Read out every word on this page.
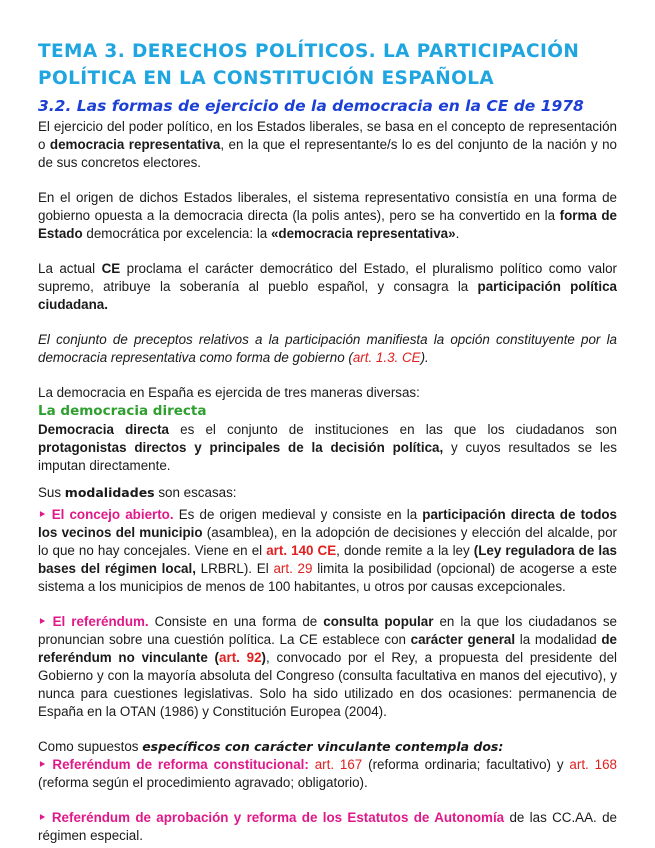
TEMA 3. DERECHOS POLÍTICOS. LA PARTICIPACIÓN POLÍTICA EN LA CONSTITUCIÓN ESPAÑOLA
3.2. Las formas de ejercicio de la democracia en la CE de 1978

El ejercicio del poder político, en los Estados liberales, se basa en el concepto de representación o democracia representativa, en la que el representante/s lo es del conjunto de la nación y no de sus concretos electores.

En el origen de dichos Estados liberales, el sistema representativo consistía en una forma de gobierno opuesta a la democracia directa (la polis antes), pero se ha convertido en la forma de Estado democrática por excelencia: la «democracia representativa».

La actual CE proclama el carácter democrático del Estado, el pluralismo político como valor supremo, atribuye la soberanía al pueblo español, y consagra la participación política ciudadana.

El conjunto de preceptos relativos a la participación manifiesta la opción constituyente por la democracia representativa como forma de gobierno (art. 1.3. CE).

La democracia en España es ejercida de tres maneras diversas:

La democracia directa

Democracia directa es el conjunto de instituciones en las que los ciudadanos son protagonistas directos y principales de la decisión política, y cuyos resultados se les imputan directamente.

Sus modalidades son escasas:

‣ El concejo abierto. Es de origen medieval y consiste en la participación directa de todos los vecinos del municipio (asamblea), en la adopción de decisiones y elección del alcalde, por lo que no hay concejales. Viene en el art. 140 CE, donde remite a la ley (Ley reguladora de las bases del régimen local, LRBRL). El art. 29 limita la posibilidad (opcional) de acogerse a este sistema a los municipios de menos de 100 habitantes, u otros por causas excepcionales.

‣ El referéndum. Consiste en una forma de consulta popular en la que los ciudadanos se pronuncian sobre una cuestión política. La CE establece con carácter general la modalidad de referéndum no vinculante (art. 92), convocado por el Rey, a propuesta del presidente del Gobierno y con la mayoría absoluta del Congreso (consulta facultativa en manos del ejecutivo), y nunca para cuestiones legislativas. Solo ha sido utilizado en dos ocasiones: permanencia de España en la OTAN (1986) y Constitución Europea (2004).

Como supuestos específicos con carácter vinculante contempla dos:

‣ Referéndum de reforma constitucional: art. 167 (reforma ordinaria; facultativo) y art. 168 (reforma según el procedimiento agravado; obligatorio).

‣ Referéndum de aprobación y reforma de los Estatutos de Autonomía de las CC.AA. de régimen especial.
